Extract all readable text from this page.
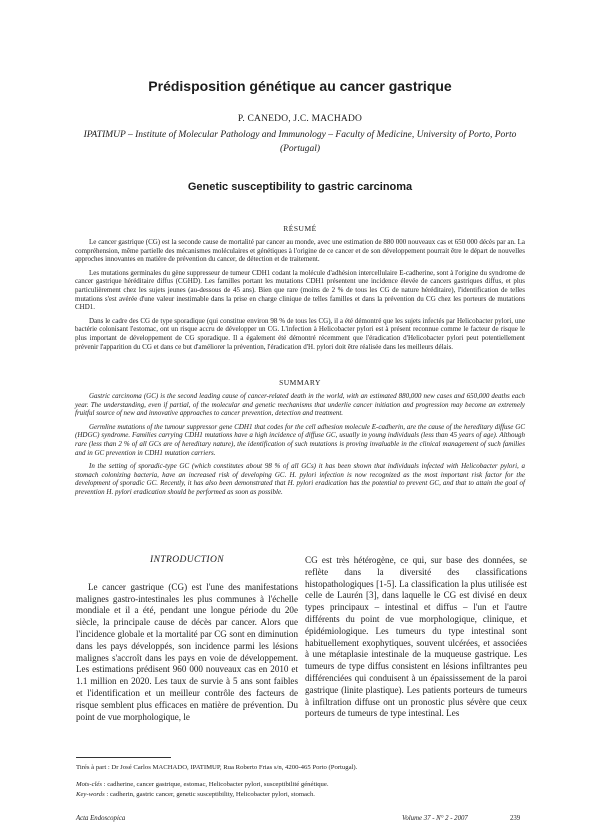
Prédisposition génétique au cancer gastrique
P. CANEDO, J.C. MACHADO
IPATIMUP – Institute of Molecular Pathology and Immunology – Faculty of Medicine, University of Porto, Porto (Portugal)
Genetic susceptibility to gastric carcinoma
RÉSUMÉ

Le cancer gastrique (CG) est la seconde cause de mortalité par cancer au monde, avec une estimation de 880 000 nouveaux cas et 650 000 décès par an. La compréhension, même partielle des mécanismes moléculaires et génétiques à l'origine de ce cancer et de son développement pourrait être le départ de nouvelles approches innovantes en matière de prévention du cancer, de détection et de traitement.

Les mutations germinales du gène suppresseur de tumeur CDH1 codant la molécule d'adhésion intercellulaire E-cadherine, sont à l'origine du syndrome de cancer gastrique héréditaire diffus (CGHD). Les familles portant les mutations CDH1 présentent une incidence élevée de cancers gastriques diffus, et plus particulièrement chez les sujets jeunes (au-dessous de 45 ans). Bien que rare (moins de 2 % de tous les CG de nature héréditaire), l'identification de telles mutations s'est avérée d'une valeur inestimable dans la prise en charge clinique de telles familles et dans la prévention du CG chez les porteurs de mutations CHD1.

Dans le cadre des CG de type sporadique (qui constitue environ 98 % de tous les CG), il a été démontré que les sujets infectés par Helicobacter pylori, une bactérie colonisant l'estomac, ont un risque accru de développer un CG. L'infection à Helicobacter pylori est à présent reconnue comme le facteur de risque le plus important de développement de CG sporadique. Il a également été démontré récemment que l'éradication d'Helicobacter pylori peut potentiellement prévenir l'apparition du CG et dans ce but d'améliorer la prévention, l'éradication d'H. pylori doit être réalisée dans les meilleurs délais.

SUMMARY

Gastric carcinoma (GC) is the second leading cause of cancer-related death in the world, with an estimated 880,000 new cases and 650,000 deaths each year. The understanding, even if partial, of the molecular and genetic mechanisms that underlie cancer initiation and progression may become an extremely fruitful source of new and innovative approaches to cancer prevention, detection and treatment.

Germline mutations of the tumour suppressor gene CDH1 that codes for the cell adhesion molecule E-cadherin, are the cause of the hereditary diffuse GC (HDGC) syndrome. Families carrying CDH1 mutations have a high incidence of diffuse GC, usually in young individuals (less than 45 years of age). Although rare (less than 2 % of all GCs are of hereditary nature), the identification of such mutations is proving invaluable in the clinical management of such families and in GC prevention in CDH1 mutation carriers.

In the setting of sporadic-type GC (which constitutes about 98 % of all GCs) it has been shown that individuals infected with Helicobacter pylori, a stomach colonizing bacteria, have an increased risk of developing GC. H. pylori infection is now recognized as the most important risk factor for the development of sporadic GC. Recently, it has also been demonstrated that H. pylori eradication has the potential to prevent GC, and that to attain the goal of prevention H. pylori eradication should be performed as soon as possible.

INTRODUCTION

Le cancer gastrique (CG) est l'une des manifestations malignes gastro-intestinales les plus communes à l'échelle mondiale et il a été, pendant une longue période du 20e siècle, la principale cause de décès par cancer. Alors que l'incidence globale et la mortalité par CG sont en diminution dans les pays développés, son incidence parmi les lésions malignes s'accroît dans les pays en voie de développement. Les estimations prédisent 960 000 nouveaux cas en 2010 et 1.1 million en 2020. Les taux de survie à 5 ans sont faibles et l'identification et un meilleur contrôle des facteurs de risque semblent plus efficaces en matière de prévention. Du point de vue morphologique, le

CG est très hétérogène, ce qui, sur base des données, se reflète dans la diversité des classifications histopathologiques [1-5]. La classification la plus utilisée est celle de Laurén [3], dans laquelle le CG est divisé en deux types principaux – intestinal et diffus – l'un et l'autre différents du point de vue morphologique, clinique, et épidémiologique. Les tumeurs du type intestinal sont habituellement exophytiques, souvent ulcérées, et associées à une métaplasie intestinale de la muqueuse gastrique. Les tumeurs de type diffus consistent en lésions infiltrantes peu différenciées qui conduisent à un épaississement de la paroi gastrique (linite plastique). Les patients porteurs de tumeurs à infiltration diffuse ont un pronostic plus sévère que ceux porteurs de tumeurs de type intestinal. Les

Tirés à part : Dr José Carlos MACHADO, IPATIMUP, Rua Roberto Frias s/n, 4200-465 Porto (Portugal).
Mots-clés : cadherine, cancer gastrique, estomac, Helicobacter pylori, susceptibilité génétique.
Key-words : cadherin, gastric cancer, genetic susceptibility, Helicobacter pylori, stomach.
Acta Endoscopica	Volume 37 - N° 2 - 2007	239
